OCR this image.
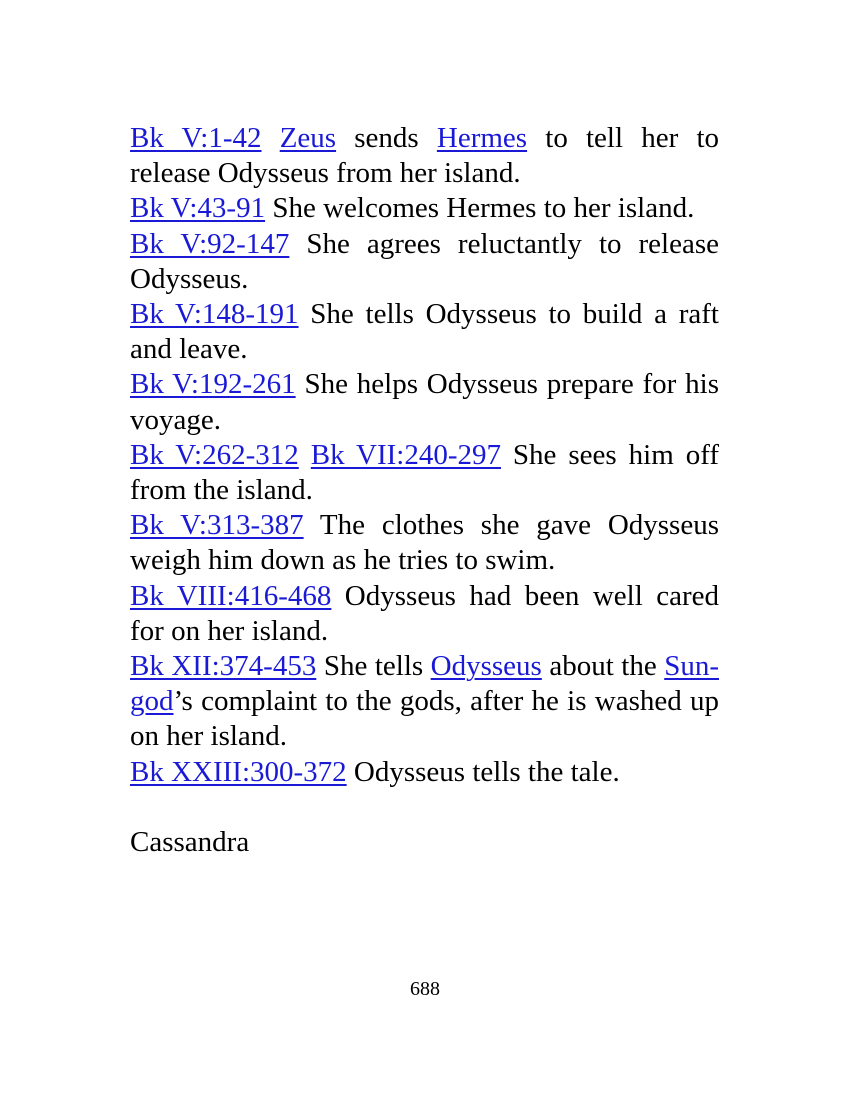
Bk V:1-42 Zeus sends Hermes to tell her to release Odysseus from her island.
Bk V:43-91 She welcomes Hermes to her island.
Bk V:92-147 She agrees reluctantly to release Odysseus.
Bk V:148-191 She tells Odysseus to build a raft and leave.
Bk V:192-261 She helps Odysseus prepare for his voyage.
Bk V:262-312 Bk VII:240-297 She sees him off from the island.
Bk V:313-387 The clothes she gave Odysseus weigh him down as he tries to swim.
Bk VIII:416-468 Odysseus had been well cared for on her island.
Bk XII:374-453 She tells Odysseus about the Sun-god’s complaint to the gods, after he is washed up on her island.
Bk XXIII:300-372 Odysseus tells the tale.
Cassandra
688
